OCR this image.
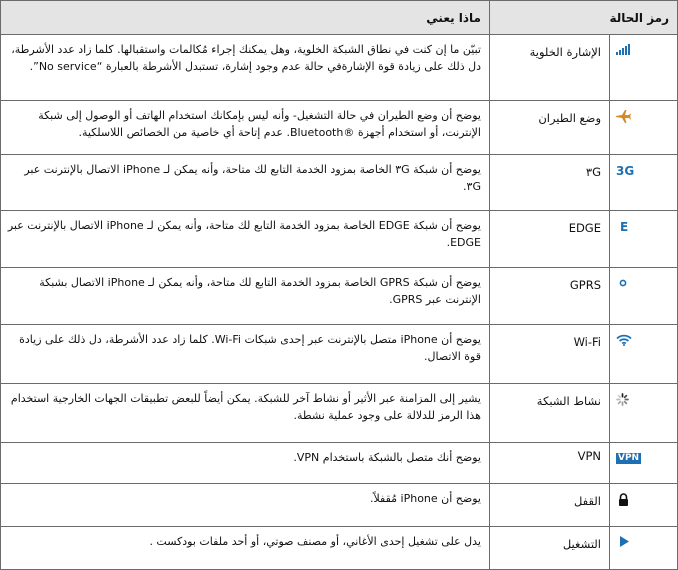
رمز الحالة		ماذا يعني

	الإشارة الخلوية	تبيّن ما إن كنت في نطاق الشبكة الخلوية، وهل يمكنك إجراء مُكالمات واستقبالها. كلما زاد عدد الأشرطة، دل ذلك على زيادة قوة الإشارةفي حالة عدم وجود إشارة، تستبدل الأشرطة بالعبارة “No service”.

	وضع الطيران	يوضح أن وضع الطيران في حالة التشغيل- وأنه ليس بإمكانك استخدام الهاتف أو الوصول إلى شبكة الإنترنت، أو استخدام أجهزة ®Bluetooth. عدم إتاحة أي خاصية من الخصائص اللاسلكية.
3G	٣G	يوضح أن شبكة ٣G الخاصة بمزود الخدمة التابع لك متاحة، وأنه يمكن لـ iPhone الاتصال بالإنترنت عبر ٣G.
E	EDGE	يوضح أن شبكة EDGE الخاصة بمزود الخدمة التابع لك متاحة، وأنه يمكن لـ iPhone الاتصال بالإنترنت عبر EDGE.

	GPRS	يوضح أن شبكة GPRS الخاصة بمزود الخدمة التابع لك متاحة، وأنه يمكن لـ iPhone الاتصال بشبكة الإنترنت عبر GPRS.

	Wi-Fi	يوضح أن iPhone متصل بالإنترنت عبر إحدى شبكات Wi-Fi. كلما زاد عدد الأشرطة، دل ذلك على زيادة قوة الاتصال.

	نشاط الشبكة	يشير إلى المزامنة عبر الأثير أو نشاط آخر للشبكة. يمكن أيضاً للبعض تطبيقات الجهات الخارجية استخدام هذا الرمز للدلالة على وجود عملية نشطة.
VPN	VPN	يوضح أنك متصل بالشبكة باستخدام VPN.

	القفل	يوضح أن iPhone مُقفلاً.

	التشغيل	يدل على تشغيل إحدى الأغاني، أو مصنف صوتي، أو أحد ملفات بودكست .
